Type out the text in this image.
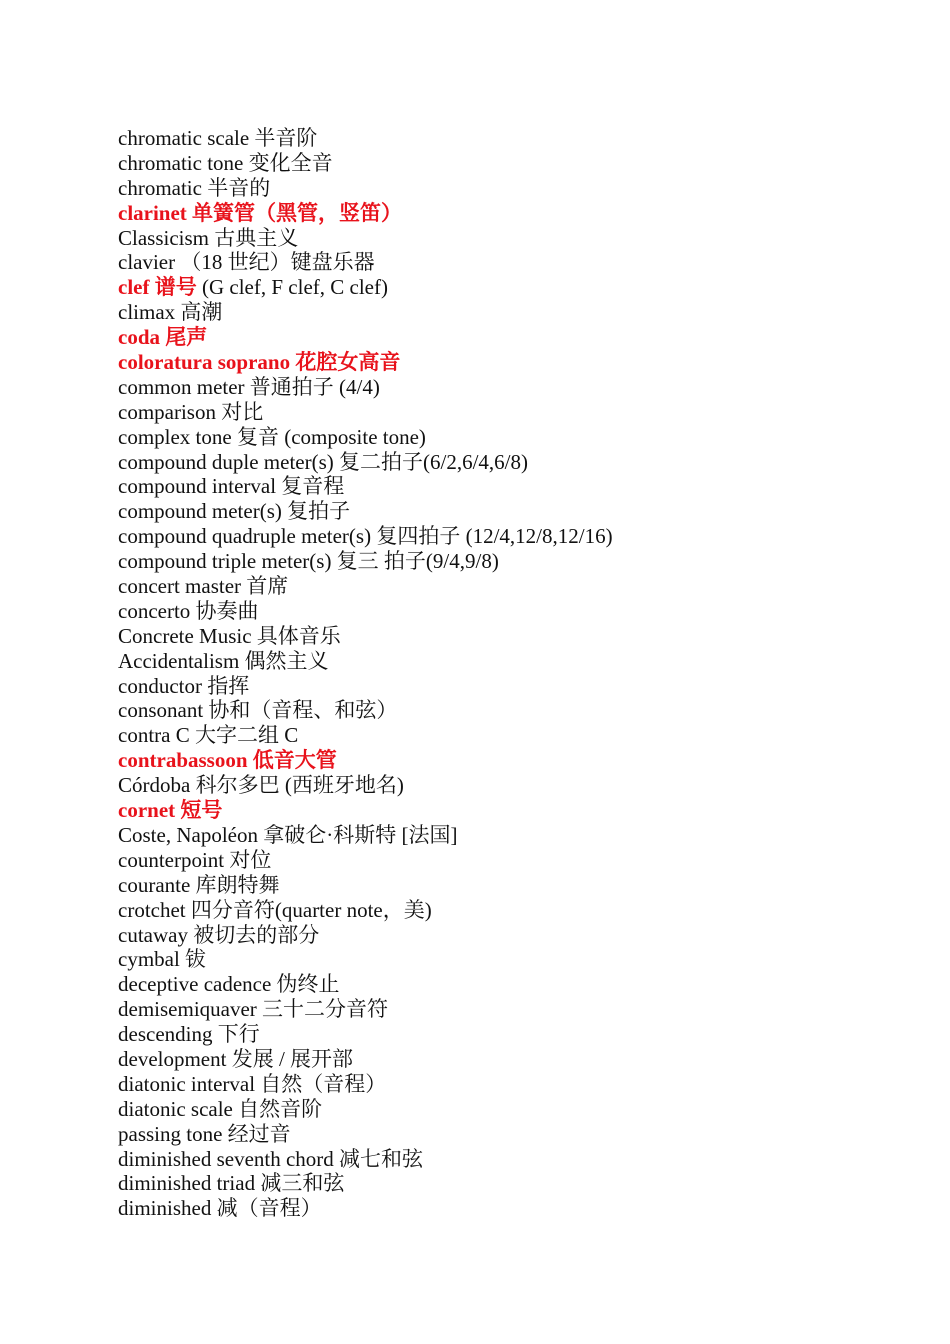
chromatic scale 半音阶
chromatic tone 变化全音
chromatic 半音的
clarinet 单簧管（黑管，竖笛）
Classicism 古典主义
clavier （18 世纪）键盘乐器
clef 谱号 (G clef, F clef, C clef)
climax 高潮
coda 尾声
coloratura soprano 花腔女高音
common meter 普通拍子 (4/4)
comparison 对比
complex tone 复音 (composite tone)
compound duple meter(s) 复二拍子(6/2,6/4,6/8)
compound interval 复音程
compound meter(s) 复拍子
compound quadruple meter(s) 复四拍子 (12/4,12/8,12/16)
compound triple meter(s) 复三 拍子(9/4,9/8)
concert master 首席
concerto 协奏曲
Concrete Music 具体音乐
Accidentalism 偶然主义
conductor 指挥
consonant 协和（音程、和弦）
contra C 大字二组 C
contrabassoon 低音大管
Córdoba 科尔多巴 (西班牙地名)
cornet 短号
Coste, Napoléon 拿破仑·科斯特 [法国]
counterpoint 对位
courante 库朗特舞
crotchet 四分音符(quarter note，美)
cutaway 被切去的部分
cymbal 钹
deceptive cadence 伪终止
demisemiquaver 三十二分音符
descending 下行
development 发展 / 展开部
diatonic interval 自然（音程）
diatonic scale 自然音阶
passing tone 经过音
diminished seventh chord 减七和弦
diminished triad 减三和弦
diminished 减（音程）
